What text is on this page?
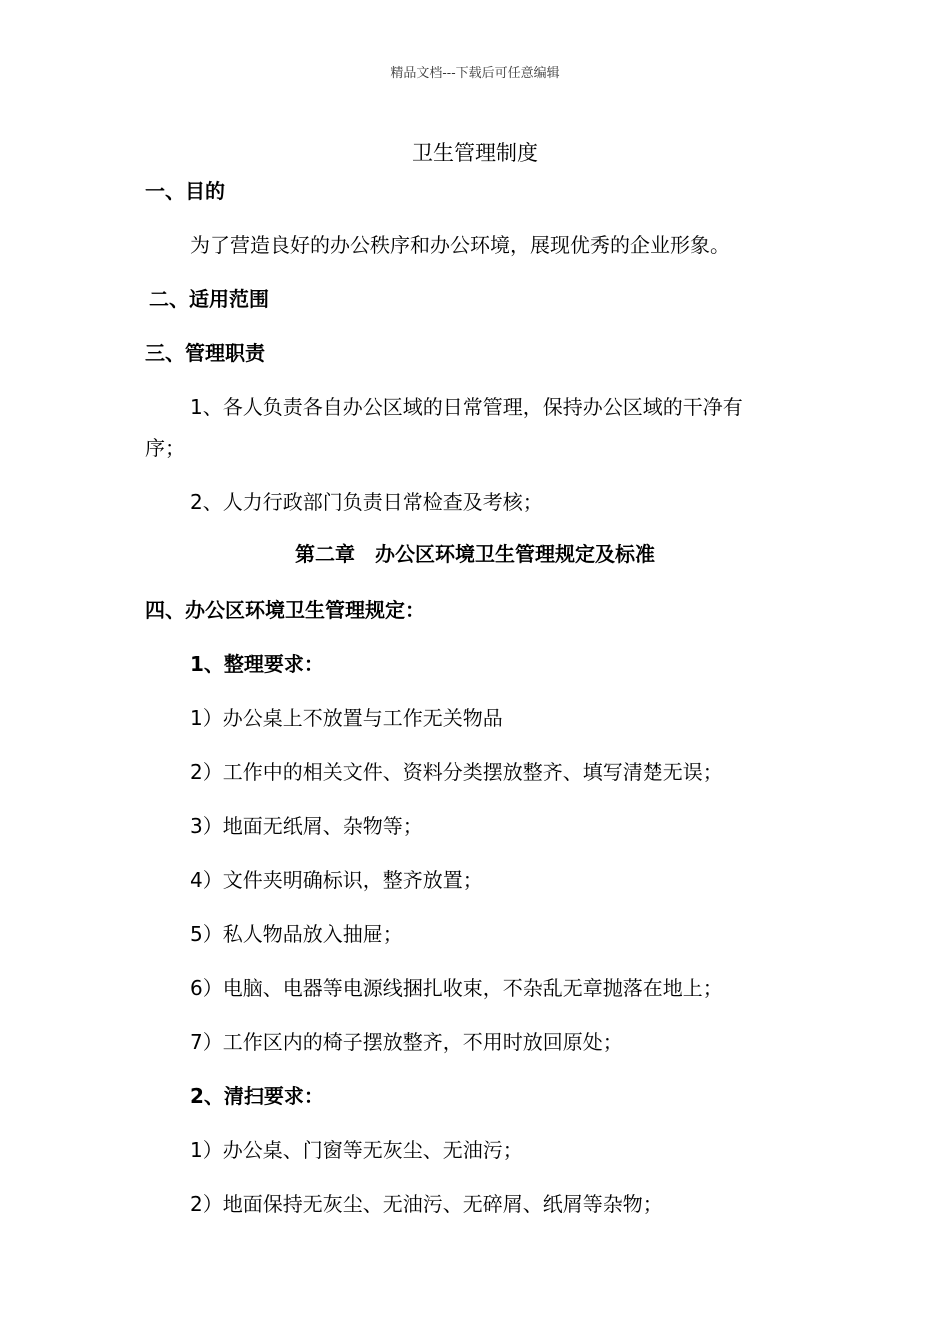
精品文档---下载后可任意编辑
卫生管理制度
一、目的
为了营造良好的办公秩序和办公环境，展现优秀的企业形象。
二、适用范围
三、管理职责
1、各人负责各自办公区域的日常管理，保持办公区域的干净有
序；
2、人力行政部门负责日常检查及考核；
第二章　办公区环境卫生管理规定及标准
四、办公区环境卫生管理规定：
1、整理要求：
1）办公桌上不放置与工作无关物品
2）工作中的相关文件、资料分类摆放整齐、填写清楚无误；
3）地面无纸屑、杂物等；
4）文件夹明确标识，整齐放置；
5）私人物品放入抽屉；
6）电脑、电器等电源线捆扎收束，不杂乱无章抛落在地上；
7）工作区内的椅子摆放整齐，不用时放回原处；
2、清扫要求：
1）办公桌、门窗等无灰尘、无油污；
2）地面保持无灰尘、无油污、无碎屑、纸屑等杂物；
